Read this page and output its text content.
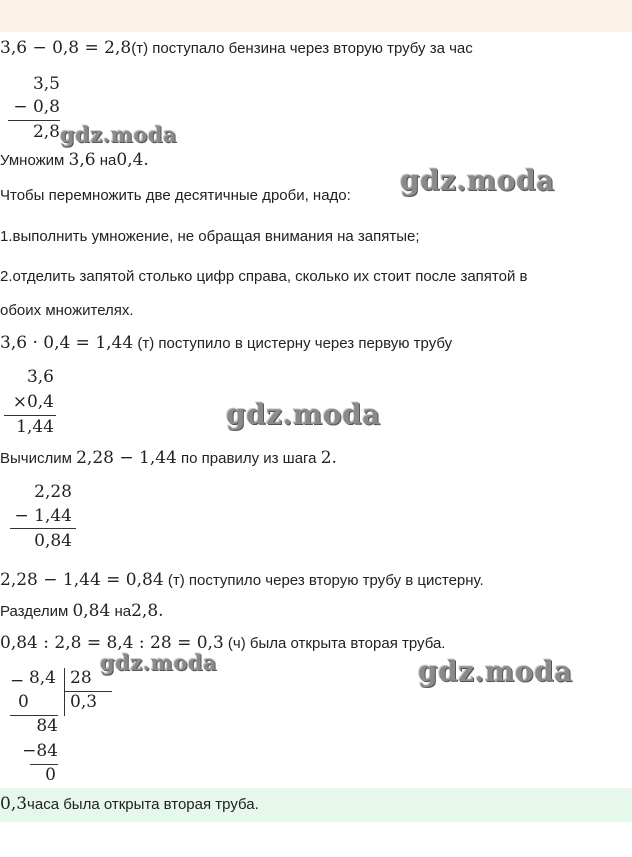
3,6 − 0,8 = 2,8(т) поступало бензина через вторую трубу за час
3,5
− 0,8
2,8 gdz.moda
Умножим 3,6 на0,4.
Чтобы перемножить две десятичные дроби, надо: gdz.moda
1.выполнить умножение, не обращая внимания на запятые;
2.отделить запятой столько цифр справа, сколько их стоит после запятой в
обоих множителях.
3,6 · 0,4 = 1,44 (т) поступило в цистерну через первую трубу
3,6
×0,4
1,44	gdz.moda
Вычислим 2,28 − 1,44 по правилу из шага 2.
2,28
− 1,44
0,84
2,28 − 1,44 = 0,84 (т) поступило через вторую трубу в цистерну.
Разделим 0,84 на2,8.
0,84 : 2,8 = 8,4 : 28 = 0,3 (ч) была открыта вторая труба.
gdz.moda	gdz.moda
− 8,4 28
0	0,3
84
−84
0
0,3часа была открыта вторая труба.
